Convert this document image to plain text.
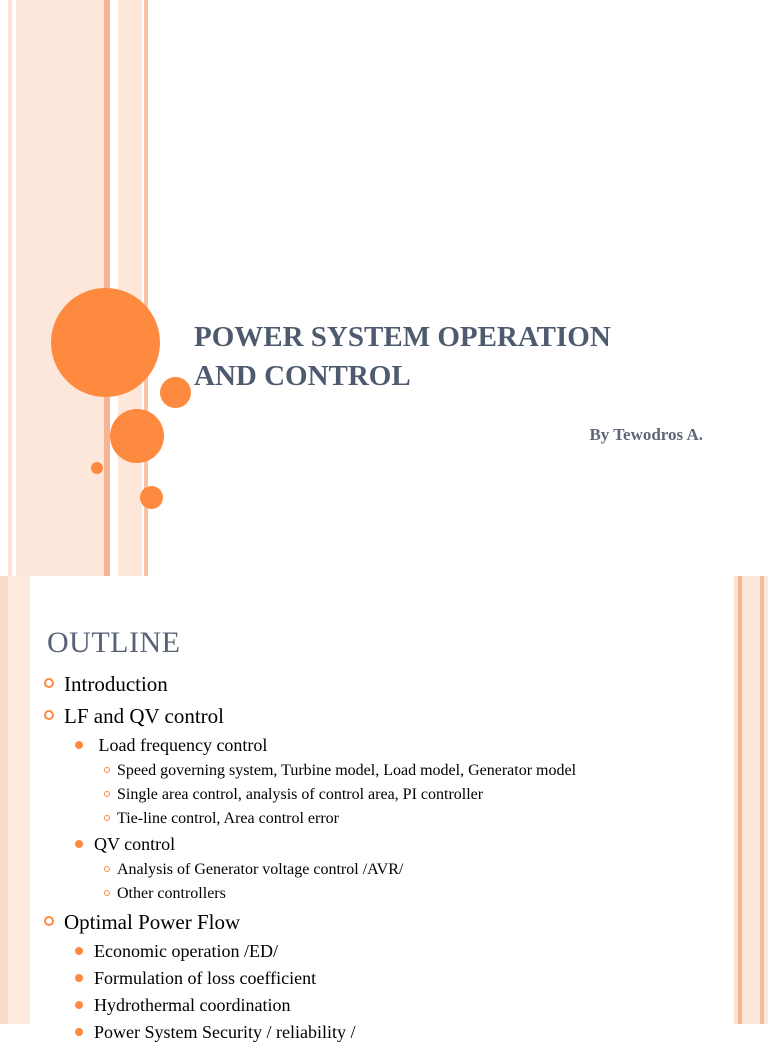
POWER SYSTEM OPERATION
AND CONTROL

By Tewodros A.

OUTLINE
Introduction
LF and QV control
Load frequency control
Speed governing system, Turbine model, Load model, Generator model
Single area control, analysis of control area, PI controller
Tie-line control, Area control error
QV control
Analysis of Generator voltage control /AVR/
Other controllers
Optimal Power Flow
Economic operation /ED/
Formulation of loss coefficient
Hydrothermal coordination
Power System Security / reliability /
